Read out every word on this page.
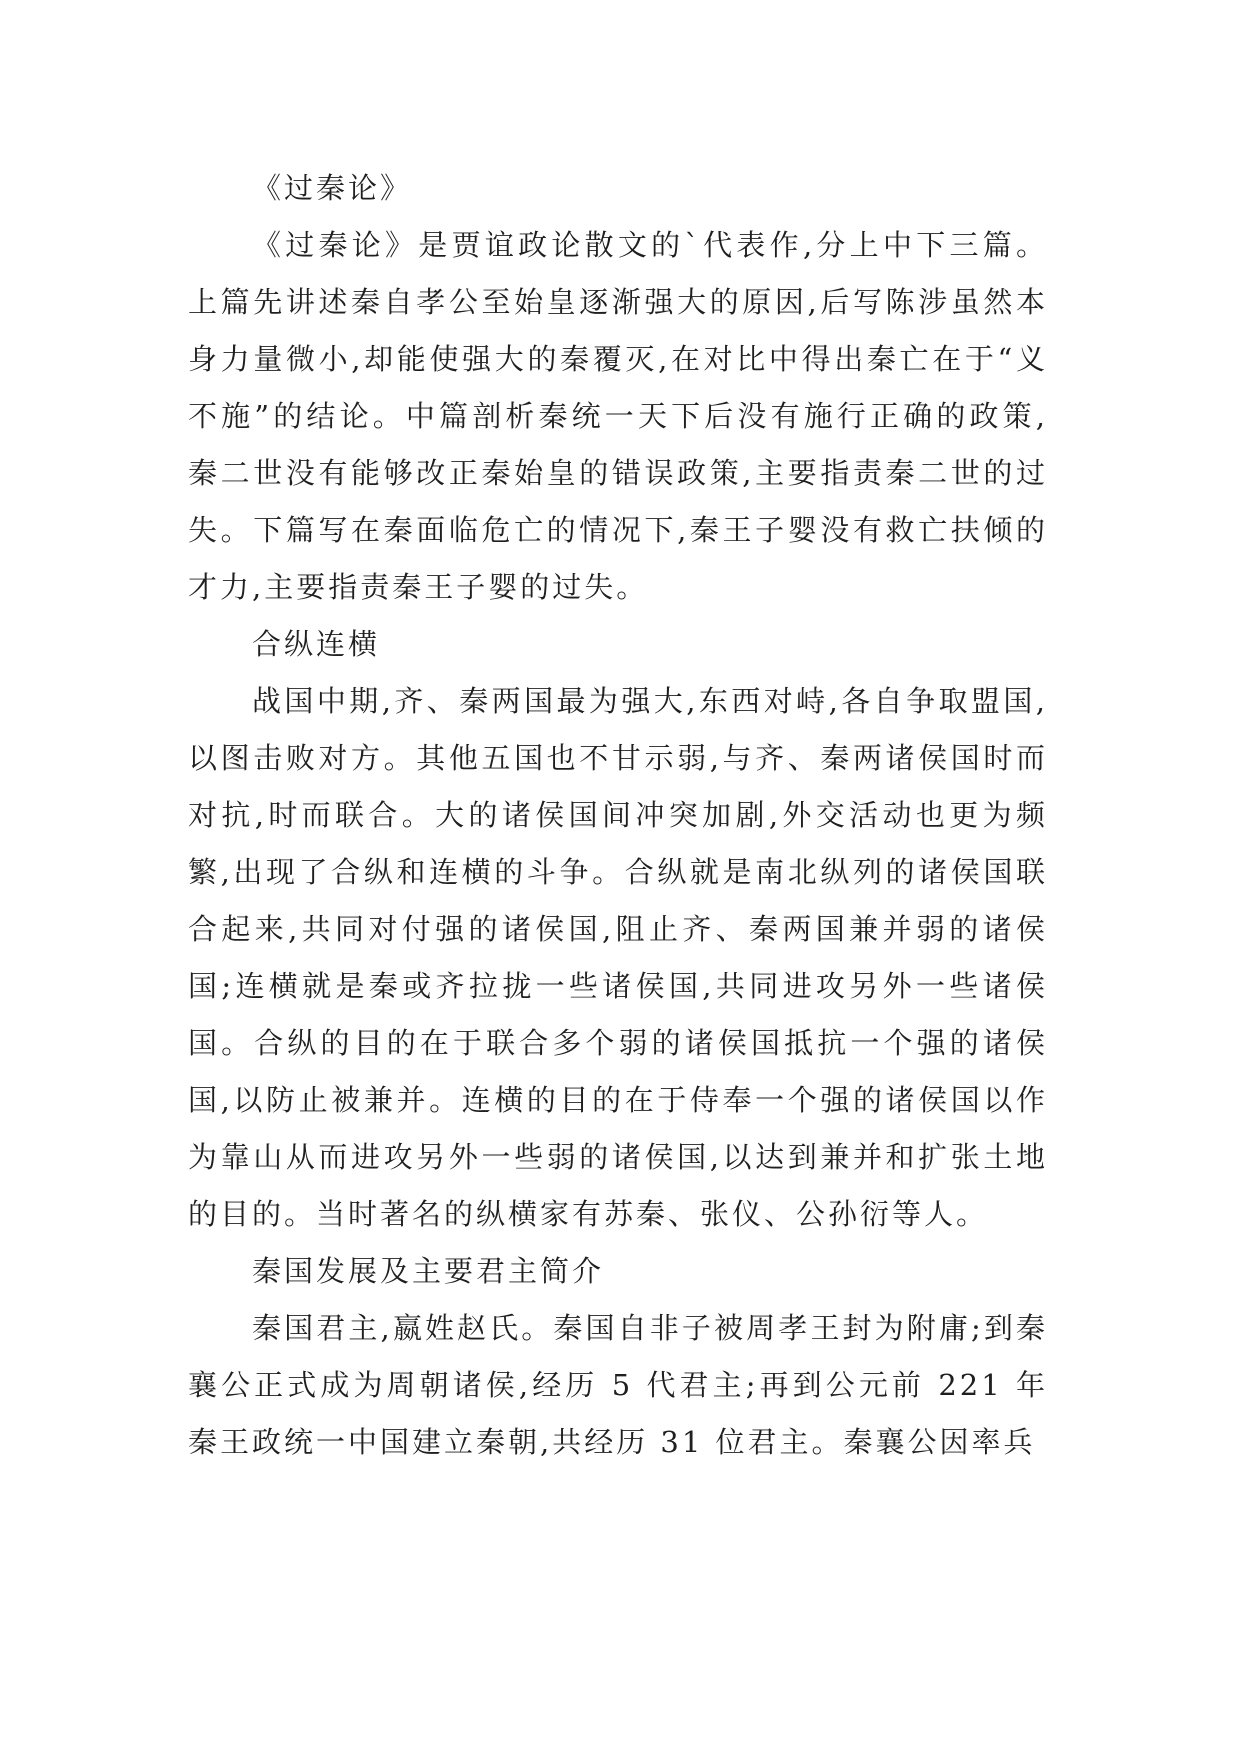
《过秦论》

《过秦论》是贾谊政论散文的`代表作,分上中下三篇。上篇先讲述秦自孝公至始皇逐渐强大的原因,后写陈涉虽然本身力量微小,却能使强大的秦覆灭,在对比中得出秦亡在于“义不施”的结论。中篇剖析秦统一天下后没有施行正确的政策,秦二世没有能够改正秦始皇的错误政策,主要指责秦二世的过失。下篇写在秦面临危亡的情况下,秦王子婴没有救亡扶倾的才力,主要指责秦王子婴的过失。

合纵连横

战国中期,齐、秦两国最为强大,东西对峙,各自争取盟国,以图击败对方。其他五国也不甘示弱,与齐、秦两诸侯国时而对抗,时而联合。大的诸侯国间冲突加剧,外交活动也更为频繁,出现了合纵和连横的斗争。合纵就是南北纵列的诸侯国联合起来,共同对付强的诸侯国,阻止齐、秦两国兼并弱的诸侯国;连横就是秦或齐拉拢一些诸侯国,共同进攻另外一些诸侯国。合纵的目的在于联合多个弱的诸侯国抵抗一个强的诸侯国,以防止被兼并。连横的目的在于侍奉一个强的诸侯国以作为靠山从而进攻另外一些弱的诸侯国,以达到兼并和扩张土地的目的。当时著名的纵横家有苏秦、张仪、公孙衍等人。

秦国发展及主要君主简介

秦国君主,嬴姓赵氏。秦国自非子被周孝王封为附庸;到秦襄公正式成为周朝诸侯,经历 5 代君主;再到公元前 221 年秦王政统一中国建立秦朝,共经历 31 位君主。秦襄公因率兵
